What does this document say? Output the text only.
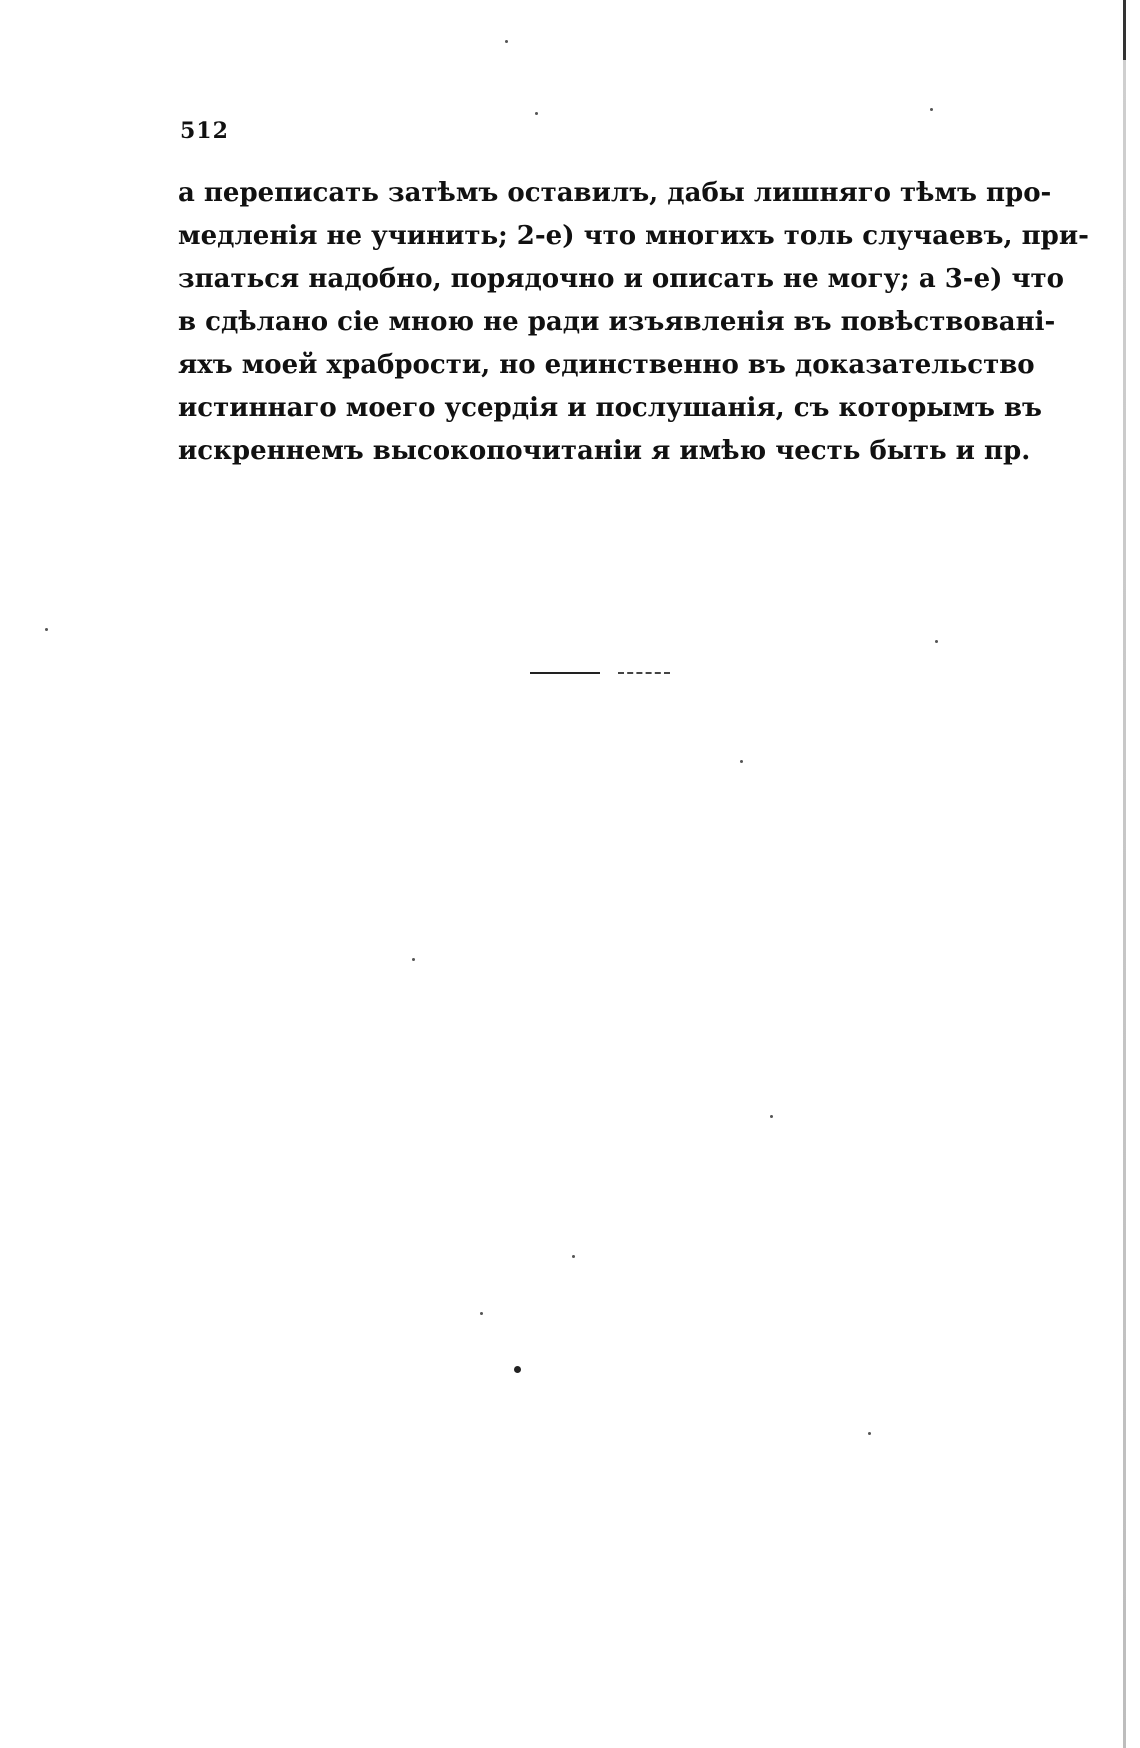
512
а переписать затѣмъ оставилъ, дабы лишняго тѣмъ про-
медленія не учинить; 2-е) что многихъ толь случаевъ, при-
зпаться надобно, порядочно и описать не могу; а 3-е) что
в сдѣлано сіе мною не ради изъявленія въ повѣствованi-
яхъ моей храбрости, но единственно въ доказательство
истиннаго моего усердія и послушанія, съ которымъ въ
искреннемъ высокопочитаніи я имѣю честь быть и пр.
